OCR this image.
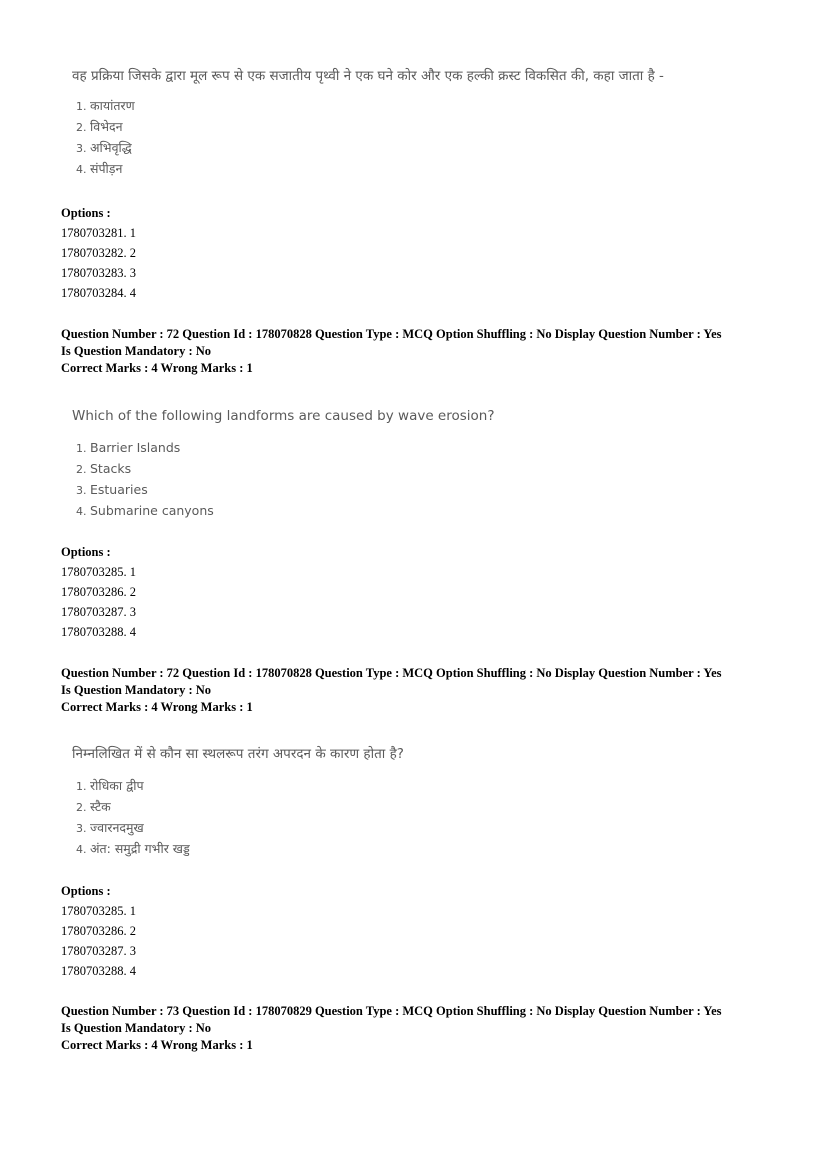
वह प्रक्रिया जिसके द्वारा मूल रूप से एक सजातीय पृथ्वी ने एक घने कोर और एक हल्की क्रस्ट विकसित की, कहा जाता है -
1. कायांतरण
2. विभेदन
3. अभिवृद्धि
4. संपीड़न
Options :
1780703281. 1
1780703282. 2
1780703283. 3
1780703284. 4
Question Number : 72 Question Id : 178070828 Question Type : MCQ Option Shuffling : No Display Question Number : Yes
Is Question Mandatory : No
Correct Marks : 4 Wrong Marks : 1
Which of the following landforms are caused by wave erosion?
1. Barrier Islands
2. Stacks
3. Estuaries
4. Submarine canyons
Options :
1780703285. 1
1780703286. 2
1780703287. 3
1780703288. 4
Question Number : 72 Question Id : 178070828 Question Type : MCQ Option Shuffling : No Display Question Number : Yes
Is Question Mandatory : No
Correct Marks : 4 Wrong Marks : 1
निम्नलिखित में से कौन सा स्थलरूप तरंग अपरदन के कारण होता है?
1. रोधिका द्वीप
2. स्टैक
3. ज्वारनदमुख
4. अंत: समुद्री गभीर खड्ड
Options :
1780703285. 1
1780703286. 2
1780703287. 3
1780703288. 4
Question Number : 73 Question Id : 178070829 Question Type : MCQ Option Shuffling : No Display Question Number : Yes
Is Question Mandatory : No
Correct Marks : 4 Wrong Marks : 1
